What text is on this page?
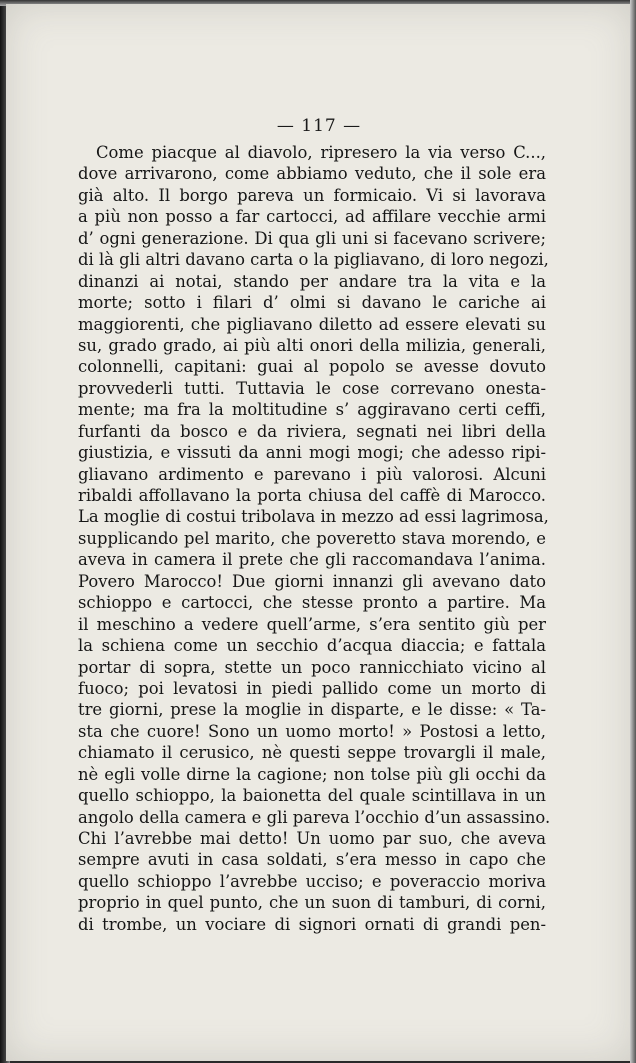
— 117 —
Come piacque al diavolo, ripresero la via verso C...,
dove arrivarono, come abbiamo veduto, che il sole era
già alto. Il borgo pareva un formicaio. Vi si lavorava
a più non posso a far cartocci, ad affilare vecchie armi
d’ ogni generazione. Di qua gli uni si facevano scrivere;
di là gli altri davano carta o la pigliavano, di loro negozi,
dinanzi ai notai, stando per andare tra la vita e la
morte; sotto i filari d’ olmi si davano le cariche ai
maggiorenti, che pigliavano diletto ad essere elevati su
su, grado grado, ai più alti onori della milizia, generali,
colonnelli, capitani: guai al popolo se avesse dovuto
provvederli tutti. Tuttavia le cose correvano onesta-
mente; ma fra la moltitudine s’ aggiravano certi ceffi,
furfanti da bosco e da riviera, segnati nei libri della
giustizia, e vissuti da anni mogi mogi; che adesso ripi-
gliavano ardimento e parevano i più valorosi. Alcuni
ribaldi affollavano la porta chiusa del caffè di Marocco.
La moglie di costui tribolava in mezzo ad essi lagrimosa,
supplicando pel marito, che poveretto stava morendo, e
aveva in camera il prete che gli raccomandava l’anima.
Povero Marocco! Due giorni innanzi gli avevano dato
schioppo e cartocci, che stesse pronto a partire. Ma
il meschino a vedere quell’arme, s’era sentito giù per
la schiena come un secchio d’acqua diaccia; e fattala
portar di sopra, stette un poco rannicchiato vicino al
fuoco; poi levatosi in piedi pallido come un morto di
tre giorni, prese la moglie in disparte, e le disse: « Ta-
sta che cuore! Sono un uomo morto! » Postosi a letto,
chiamato il cerusico, nè questi seppe trovargli il male,
nè egli volle dirne la cagione; non tolse più gli occhi da
quello schioppo, la baionetta del quale scintillava in un
angolo della camera e gli pareva l’occhio d’un assassino.
Chi l’avrebbe mai detto! Un uomo par suo, che aveva
sempre avuti in casa soldati, s’era messo in capo che
quello schioppo l’avrebbe ucciso; e poveraccio moriva
proprio in quel punto, che un suon di tamburi, di corni,
di trombe, un vociare di signori ornati di grandi pen-
